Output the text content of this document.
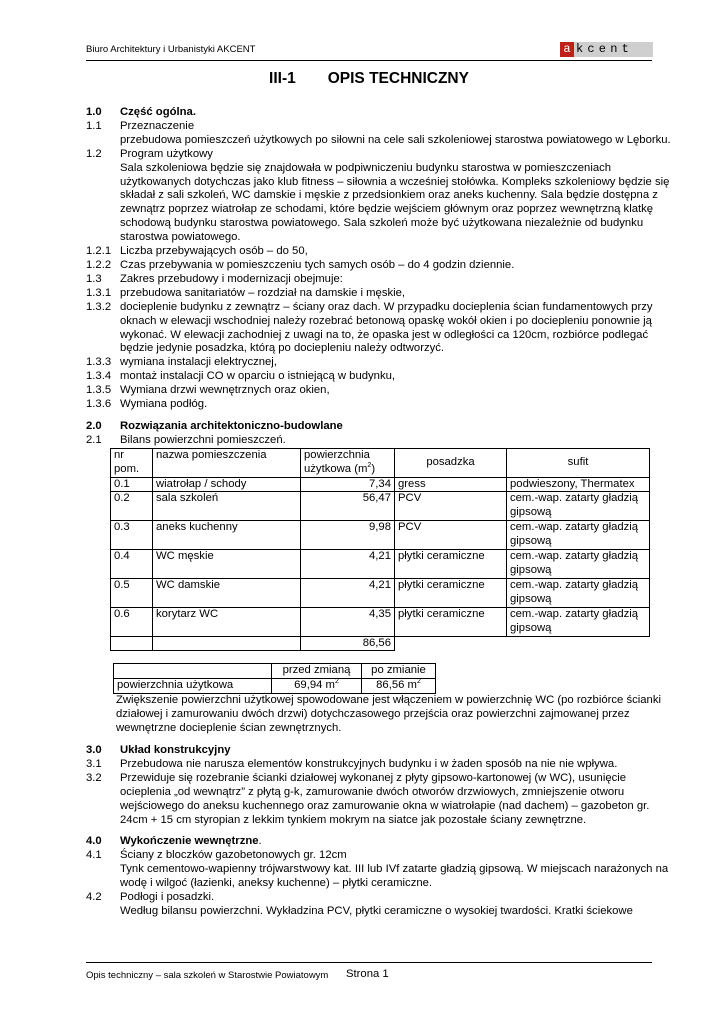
Biuro Architektury i Urbanistyki AKCENT	a kcent
III-1 OPIS TECHNICZNY
1.0	Część ogólna.
1.1	Przeznaczenie
przebudowa pomieszczeń użytkowych po siłowni na cele sali szkoleniowej starostwa powiatowego w Lęborku.
1.2	Program użytkowy
Sala szkoleniowa będzie się znajdowała w podpiwniczeniu budynku starostwa w pomieszczeniach użytkowanych dotychczas jako klub fitness – siłownia a wcześniej stołówka. Kompleks szkoleniowy będzie się składał z sali szkoleń, WC damskie i męskie z przedsionkiem oraz aneks kuchenny. Sala będzie dostępna z zewnątrz poprzez wiatrołap ze schodami, które będzie wejściem głównym oraz poprzez wewnętrzną klatkę schodową budynku starostwa powiatowego. Sala szkoleń może być użytkowana niezależnie od budynku starostwa powiatowego.
1.2.1 Liczba przebywających osób – do 50,
1.2.2 Czas przebywania w pomieszczeniu tych samych osób – do 4 godzin dziennie.
1.3	Zakres przebudowy i modernizacji obejmuje:
1.3.1 przebudowa sanitariatów – rozdział na damskie i męskie,
1.3.2 docieplenie budynku z zewnątrz – ściany oraz dach. W przypadku docieplenia ścian fundamentowych przy oknach w elewacji wschodniej należy rozebrać betonową opaskę wokół okien i po dociepleniu ponownie ją wykonać. W elewacji zachodniej z uwagi na to, że opaska jest w odległości ca 120cm, rozbiórce podlegać będzie jedynie posadzka, którą po dociepleniu należy odtworzyć.
1.3.3 wymiana instalacji elektrycznej,
1.3.4 montaż instalacji CO w oparciu o istniejącą w budynku,
1.3.5 Wymiana drzwi wewnętrznych oraz okien,
1.3.6 Wymiana podłóg.
2.0	Rozwiązania architektoniczno-budowlane
2.1	Bilans powierzchni pomieszczeń.
nr pom.	nazwa pomieszczenia	powierzchnia użytkowa $(m^2)$	posadzka	sufit
0.1	wiatrołap / schody	7,34	gress	podwieszony, Thermatex
0.2	sala szkoleń	56,47	PCV	cem.-wap. zatarty gładzią gipsową
0.3	aneks kuchenny	9,98	PCV	cem.-wap. zatarty gładzią gipsową
0.4	WC męskie	4,21	płytki ceramiczne	cem.-wap. zatarty gładzią gipsową
0.5	WC damskie	4,21	płytki ceramiczne	cem.-wap. zatarty gładzią gipsową
0.6	korytarz WC	4,35	płytki ceramiczne	cem.-wap. zatarty gładzią gipsową
		86,56		
	przed zmianą	po zmianie
powierzchnia użytkowa	69,94 $m^2$	86,56 $m^2$
Zwiększenie powierzchni użytkowej spowodowane jest włączeniem w powierzchnię WC (po rozbiórce ścianki działowej i zamurowaniu dwóch drzwi) dotychczasowego przejścia oraz powierzchni zajmowanej przez wewnętrzne docieplenie ścian zewnętrznych.
3.0	Układ konstrukcyjny
3.1	Przebudowa nie narusza elementów konstrukcyjnych budynku i w żaden sposób na nie nie wpływa.
3.2	Przewiduje się rozebranie ścianki działowej wykonanej z płyty gipsowo-kartonowej (w WC), usunięcie ocieplenia „od wewnątrz” z płytą g-k, zamurowanie dwóch otworów drzwiowych, zmniejszenie otworu wejściowego do aneksu kuchennego oraz zamurowanie okna w wiatrołapie (nad dachem) – gazobeton gr. 24cm + 15 cm styropian z lekkim tynkiem mokrym na siatce jak pozostałe ściany zewnętrzne.
4.0	Wykończenie wewnętrzne.
4.1	Ściany z bloczków gazobetonowych gr. 12cm
Tynk cementowo-wapienny trójwarstwowy kat. III lub IVf zatarte gładzią gipsową. W miejscach narażonych na wodę i wilgoć (łazienki, aneksy kuchenne) – płytki ceramiczne.
4.2	Podłogi i posadzki.
Według bilansu powierzchni. Wykładzina PCV, płytki ceramiczne o wysokiej twardości. Kratki ściekowe
Opis techniczny – sala szkoleń w Starostwie Powiatowym Strona 1
